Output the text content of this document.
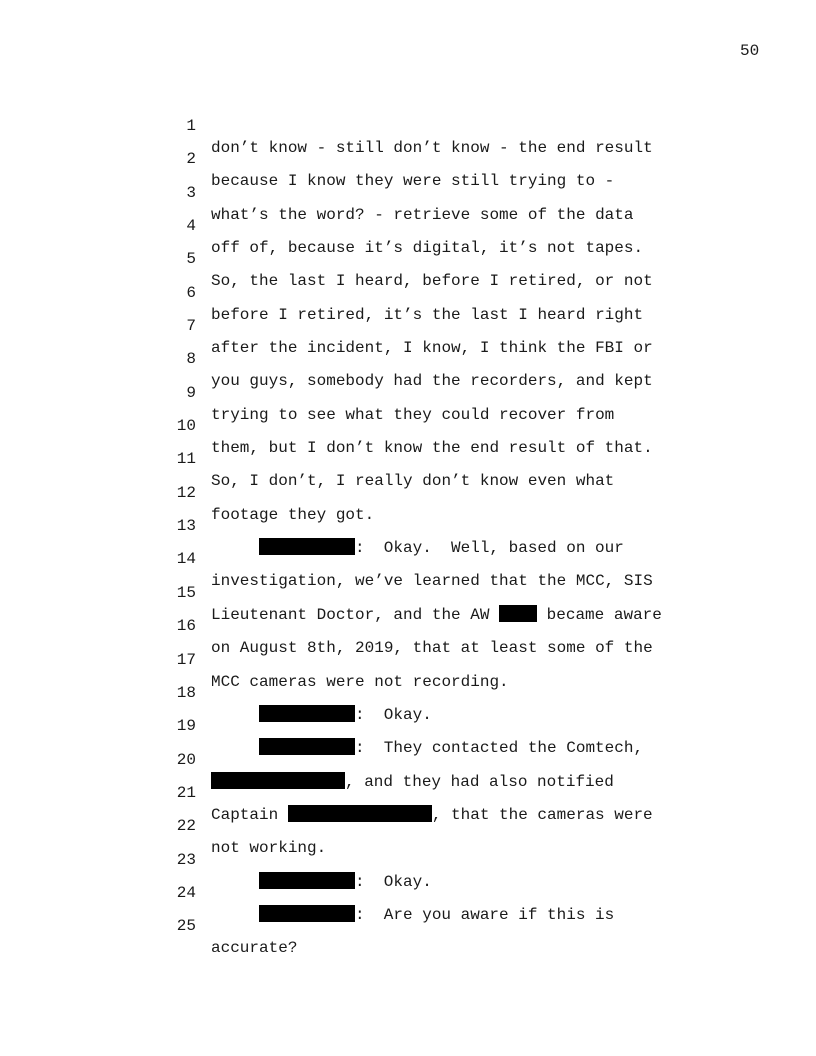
50

1

don’t know - still don’t know - the end result

2

because I know they were still trying to -

3

what’s the word? - retrieve some of the data

4

off of, because it’s digital, it’s not tapes.

5

So, the last I heard, before I retired, or not

6

before I retired, it’s the last I heard right

7

after the incident, I know, I think the FBI or

8

you guys, somebody had the recorders, and kept

9

trying to see what they could recover from

10

them, but I don’t know the end result of that.

11

So, I don’t, I really don’t know even what

12

footage they got.

13

:  Okay.  Well, based on our

14

investigation, we’ve learned that the MCC, SIS

15

Lieutenant Doctor, and the AW  became aware

16

on August 8th, 2019, that at least some of the

17

MCC cameras were not recording.

18

:  Okay.

19

:  They contacted the Comtech,

20

, and they had also notified

21

Captain	, that the cameras were

22

not working.

23

:  Okay.

24

:  Are you aware if this is

25

accurate?
